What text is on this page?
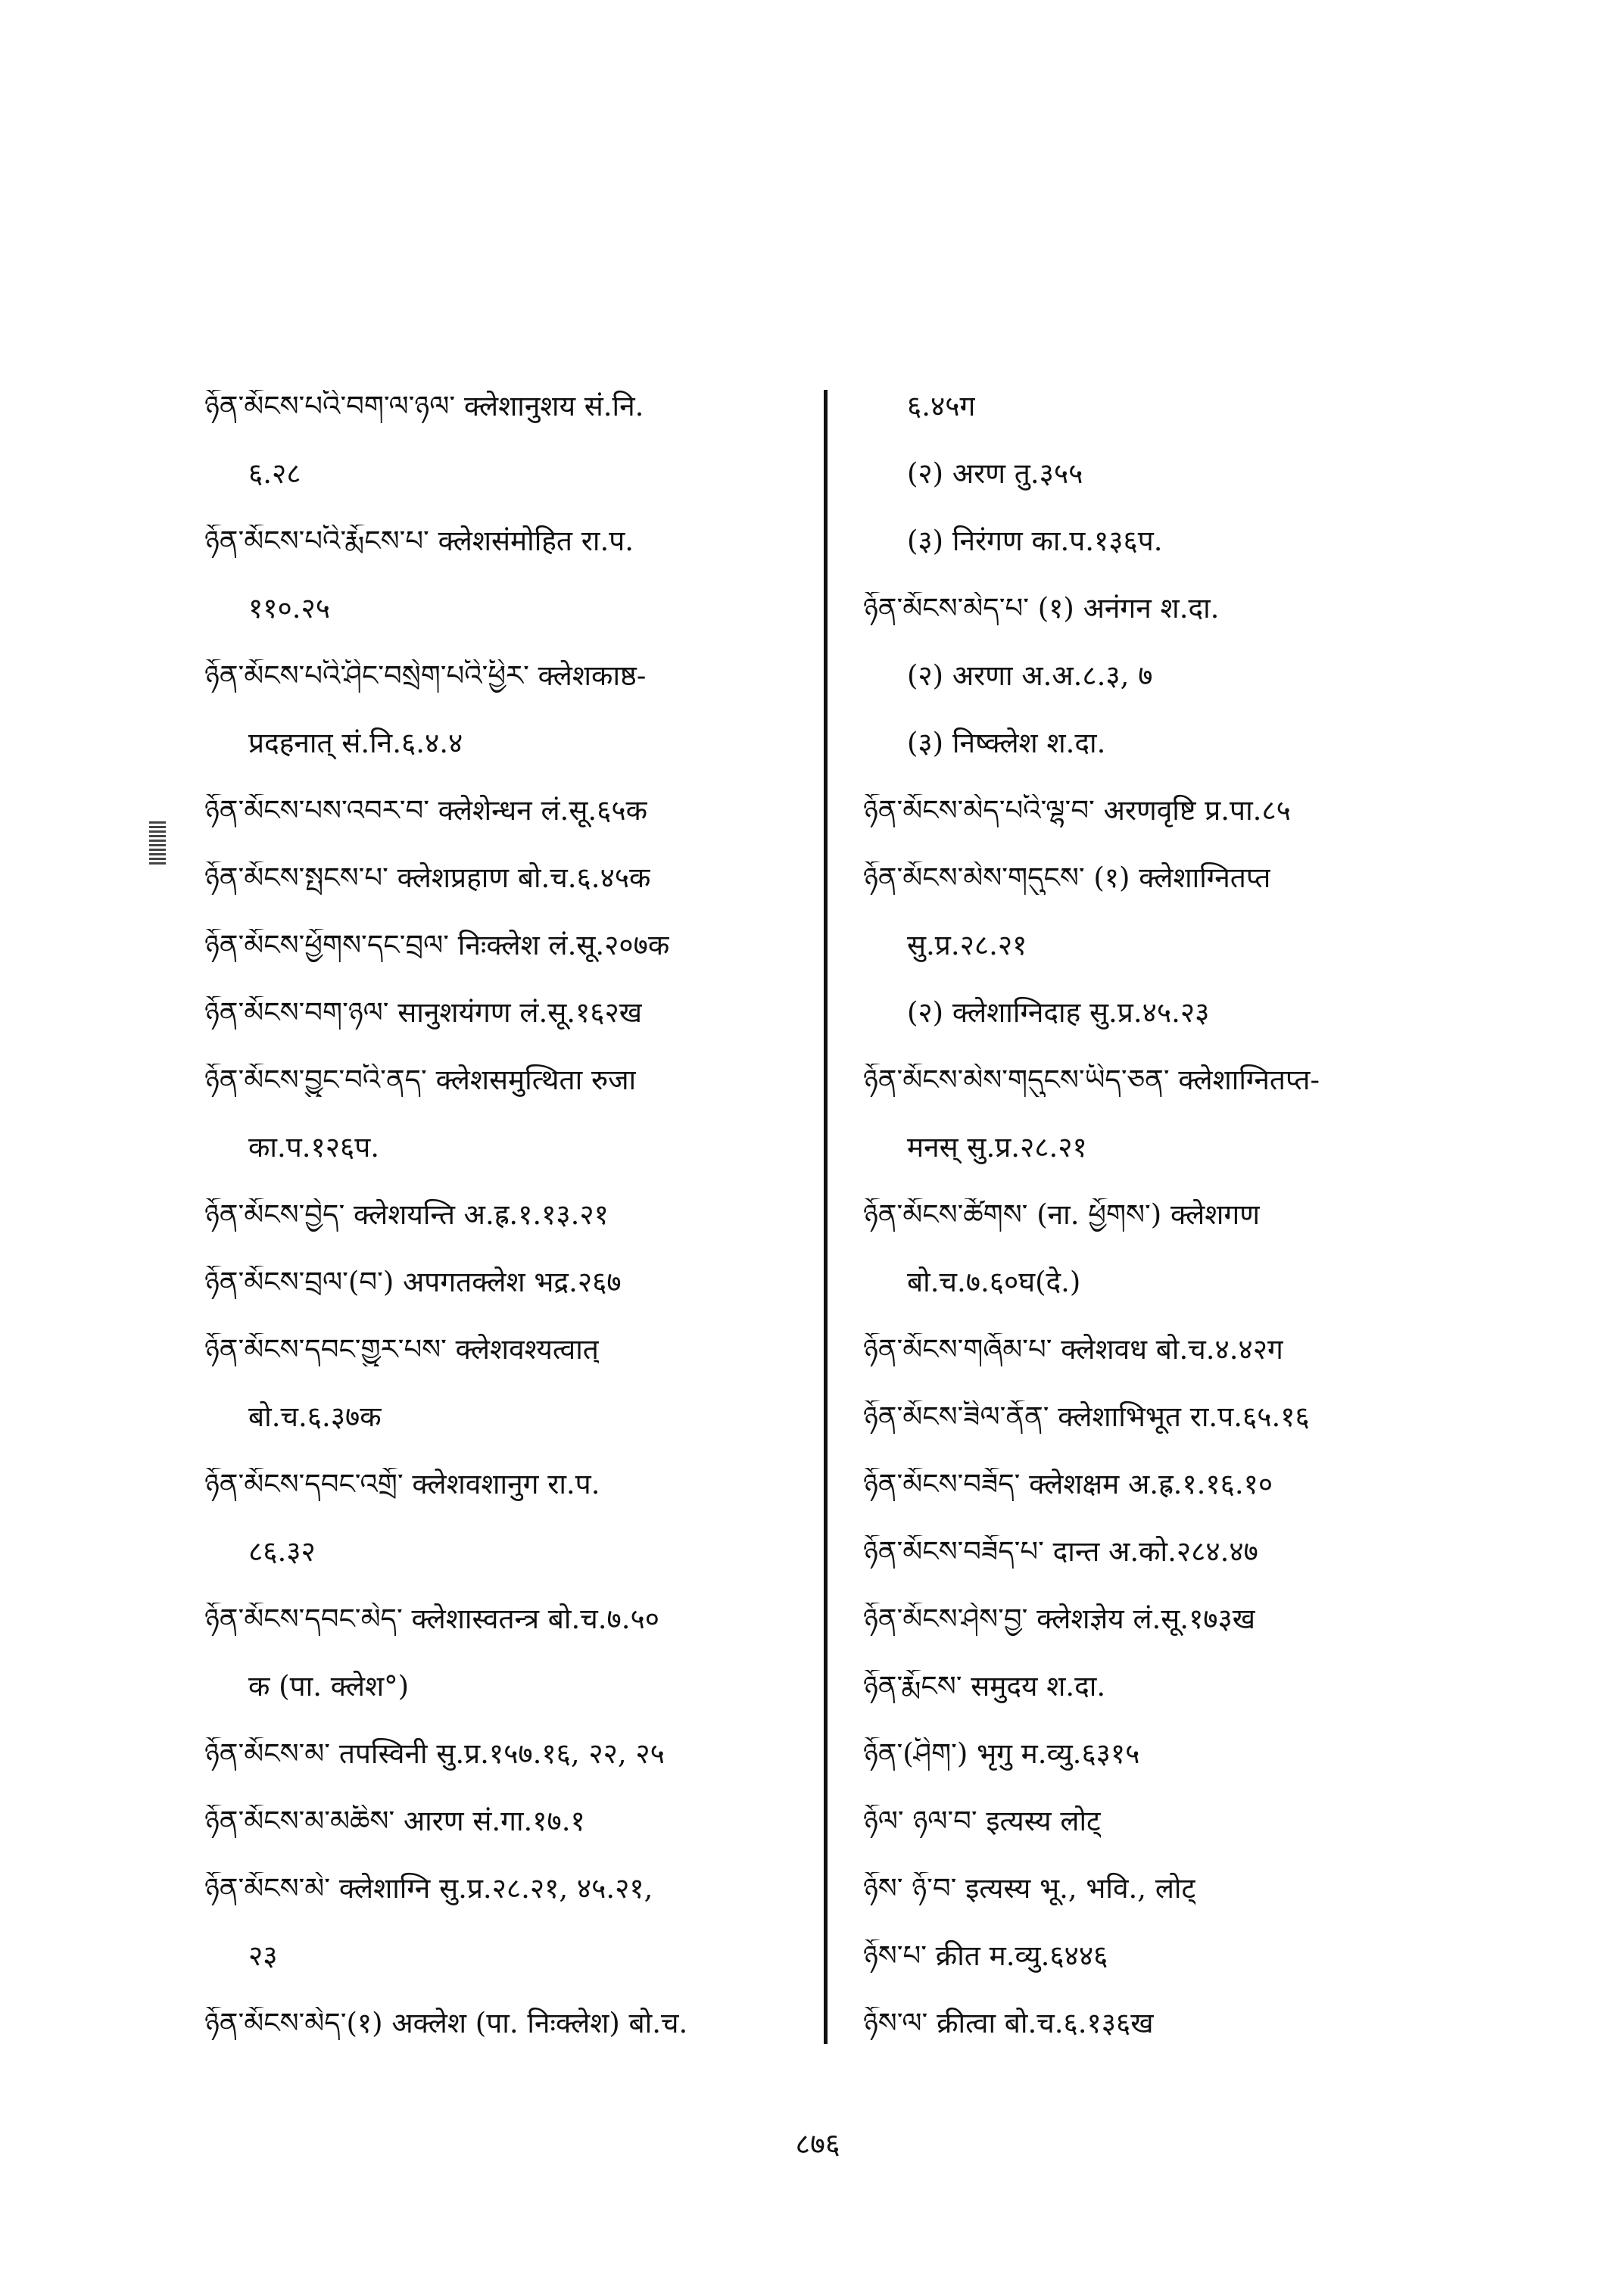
ཉོན་མོངས་པའི་བག་ལ་ཉལ་ क्लेशानुशय सं.नि.
६.२८
ཉོན་མོངས་པའི་རྨོངས་པ་ क्लेशसंमोहित रा.प.
११०.२५
ཉོན་མོངས་པའི་ཤིང་བསྲེག་པའི་ཕྱིར་ क्लेशकाष्ठ-
प्रदहनात् सं.नि.६.४.४
ཉོན་མོངས་པས་འབར་བ་ क्लेशेन्धन लं.सू.६५क
ཉོན་མོངས་སྤངས་པ་ क्लेशप्रहाण बो.च.६.४५क
ཉོན་མོངས་ཕྱོགས་དང་བྲལ་ निःक्लेश लं.सू.२०७क
ཉོན་མོངས་བག་ཉལ་ सानुशयंगण लं.सू.१६२ख
ཉོན་མོངས་བྱུང་བའི་ནད་ क्लेशसमुत्थिता रुजा
का.प.१२६प.
ཉོན་མོངས་བྱེད་ क्लेशयन्ति अ.ह्र.१.१३.२१
ཉོན་མོངས་བྲལ་(བ་) अपगतक्लेश भद्र.२६७
ཉོན་མོངས་དབང་གྱུར་པས་ क्लेशवश्यत्वात्
बो.च.६.३७क
ཉོན་མོངས་དབང་འགྲོ་ क्लेशवशानुग रा.प.
८६.३२
ཉོན་མོངས་དབང་མེད་ क्लेशास्वतन्त्र बो.च.७.५०
क (पा. क्लेश°)
ཉོན་མོངས་མ་ तपस्विनी सु.प्र.१५७.१६, २२, २५
ཉོན་མོངས་མ་མཆིས་ आरण सं.गा.१७.१
ཉོན་མོངས་མེ་ क्लेशाग्नि सु.प्र.२८.२१, ४५.२१,
२३
ཉོན་མོངས་མེད་(१) अक्लेश (पा. निःक्लेश) बो.च.
६.४५ग
(२) अरण तु.३५५
(३) निरंगण का.प.१३६प.
ཉོན་མོངས་མེད་པ་ (१) अनंगन श.दा.
(२) अरणा अ.अ.८.३, ७
(३) निष्क्लेश श.दा.
ཉོན་མོངས་མེད་པའི་ལྷ་བ་ अरणवृष्टि प्र.पा.८५
ཉོན་མོངས་མེས་གདུངས་ (१) क्लेशाग्नितप्त
सु.प्र.२८.२१
(२) क्लेशाग्निदाह सु.प्र.४५.२३
ཉོན་མོངས་མེས་གདུངས་ཡིད་ཅན་ क्लेशाग्नितप्त-
मनस् सु.प्र.२८.२१
ཉོན་མོངས་ཚོགས་ (ना. ཕྱོགས་) क्लेशगण
बो.च.७.६०घ(दे.)
ཉོན་མོངས་གཞོམ་པ་ क्लेशवध बो.च.४.४२ग
ཉོན་མོངས་ཟིལ་ནོན་ क्लेशाभिभूत रा.प.६५.१६
ཉོན་མོངས་བཟོད་ क्लेशक्षम अ.ह्र.१.१६.१०
ཉོན་མོངས་བཟོད་པ་ दान्त अ.को.२८४.४७
ཉོན་མོངས་ཤེས་བྱ་ क्लेशज्ञेय लं.सू.१७३ख
ཉོན་རྨོངས་ समुदय श.दा.
ཉོན་(ཤིག་) भृगु म.व्यु.६३१५
ཉོལ་ ཉལ་བ་ इत्यस्य लोट्
ཉོས་ ཉོ་བ་ इत्यस्य भू., भवि., लोट्
ཉོས་པ་ क्रीत म.व्यु.६४४६
ཉོས་ལ་ क्रीत्वा बो.च.६.१३६ख
८७६
